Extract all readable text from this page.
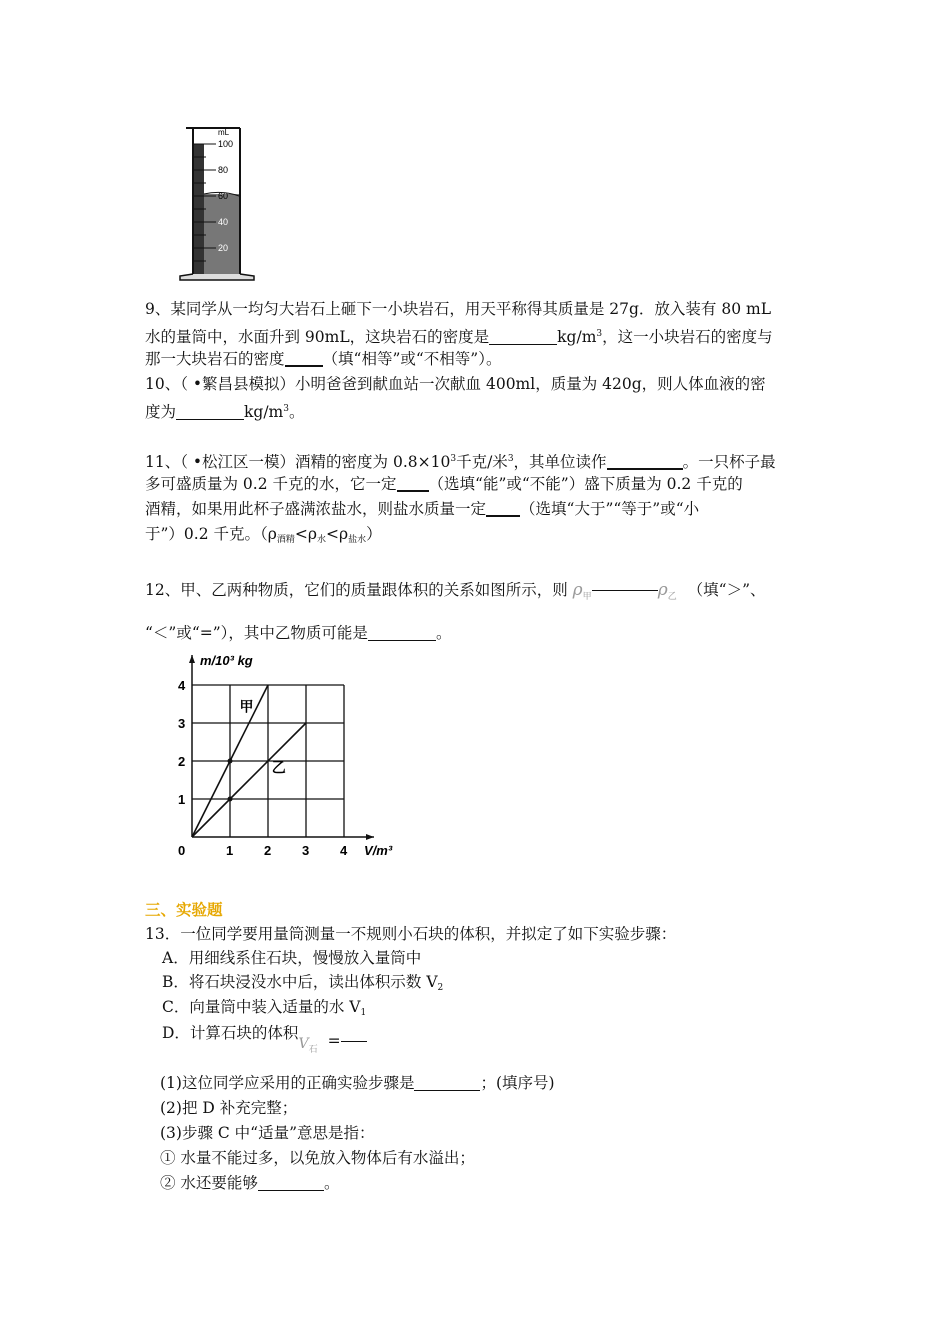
mL
100
80
60
40
20
9、某同学从一均匀大岩石上砸下一小块岩石，用天平称得其质量是 27g．放入装有 80 mL
水的量筒中，水面升到 90mL，这块岩石的密度是	$kg/m^3$，这一小块岩石的密度与
那一大块岩石的密度 （填“相等”或“不相等”）。
10、（ •繁昌县模拟）小明爸爸到献血站一次献血 400ml，质量为 420g，则人体血液的密
度为	$kg/m^3$。
11、（ •松江区一模）酒精的密度为 $0.8\times 10^3$千克/米$^3$，其单位读作	。一只杯子最
多可盛质量为 0.2 千克的水，它一定 （选填“能”或“不能”）盛下质量为 0.2 千克的
酒精，如果用此杯子盛满浓盐水，则盐水质量一定 （选填“大于”“等于”或“小
于”）0.2 千克。$(\rho_{酒精}<\rho_水<\rho_{盐水})$
12、甲、乙两种物质，它们的质量跟体积的关系如图所示，则 $\rho_甲$	$\rho_乙$ （填“＞”、
“＜”或“=”），其中乙物质可能是	。
1 2 3 4
1
2
3
4
0
m/10³ kg
V/m³
甲
乙
三、实验题
13．一位同学要用量筒测量一不规则小石块的体积，并拟定了如下实验步骤：
A．用细线系住石块，慢慢放入量筒中
B．将石块浸没水中后，读出体积示数 $V_2$
C．向量筒中装入适量的水 $V_1$
D．计算石块的体积$V_石$ =
(1)这位同学应采用的正确实验步骤是	；(填序号)
(2)把 D 补充完整；
(3)步骤 C 中“适量”意思是指：
① 水量不能过多，以免放入物体后有水溢出；
② 水还要能够	。
